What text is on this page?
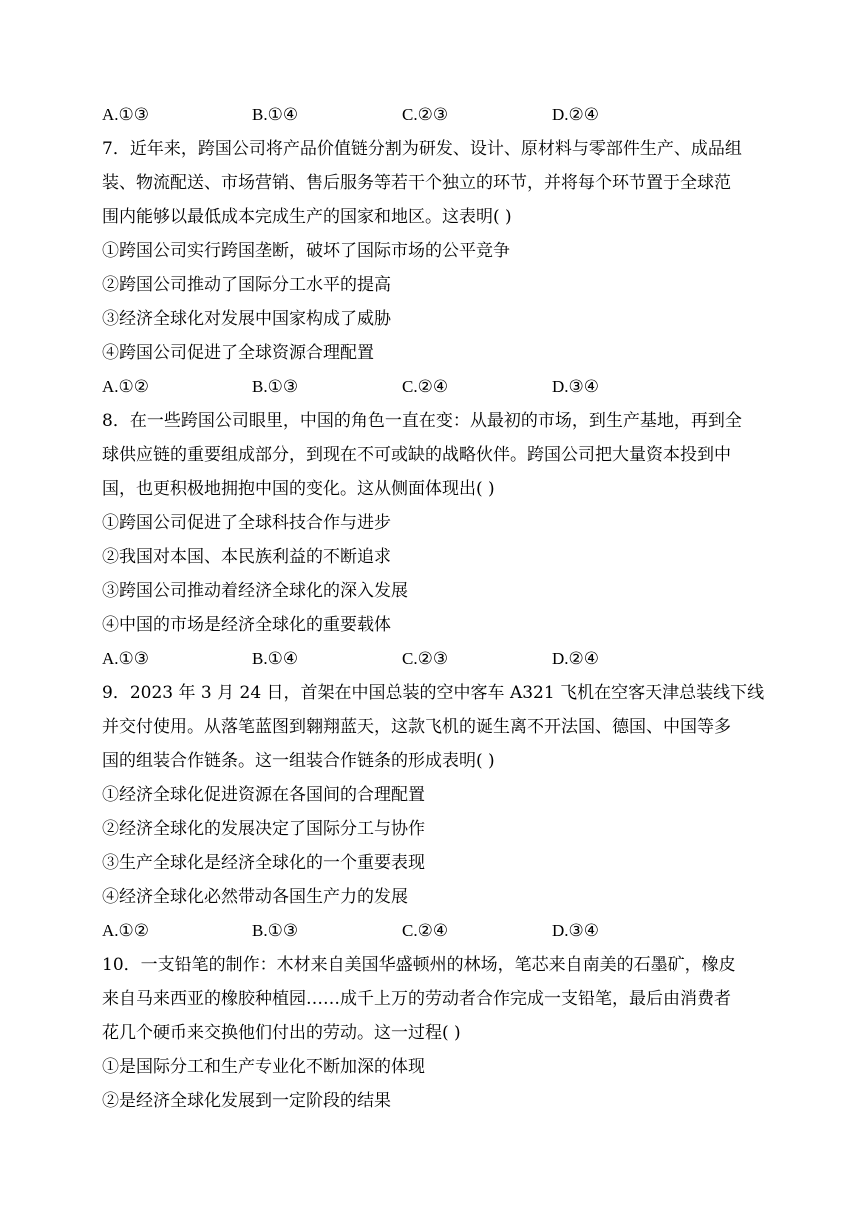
A.①③	B.①④	C.②③	D.②④
7．近年来，跨国公司将产品价值链分割为研发、设计、原材料与零部件生产、成品组
装、物流配送、市场营销、售后服务等若干个独立的环节，并将每个环节置于全球范
围内能够以最低成本完成生产的国家和地区。这表明( )
①跨国公司实行跨国垄断，破坏了国际市场的公平竞争
②跨国公司推动了国际分工水平的提高
③经济全球化对发展中国家构成了威胁
④跨国公司促进了全球资源合理配置
A.①②	B.①③	C.②④	D.③④
8．在一些跨国公司眼里，中国的角色一直在变：从最初的市场，到生产基地，再到全
球供应链的重要组成部分，到现在不可或缺的战略伙伴。跨国公司把大量资本投到中
国，也更积极地拥抱中国的变化。这从侧面体现出( )
①跨国公司促进了全球科技合作与进步
②我国对本国、本民族利益的不断追求
③跨国公司推动着经济全球化的深入发展
④中国的市场是经济全球化的重要载体
A.①③	B.①④	C.②③	D.②④
9．2023 年 3 月 24 日，首架在中国总装的空中客车 A321 飞机在空客天津总装线下线
并交付使用。从落笔蓝图到翱翔蓝天，这款飞机的诞生离不开法国、德国、中国等多
国的组装合作链条。这一组装合作链条的形成表明( )
①经济全球化促进资源在各国间的合理配置
②经济全球化的发展决定了国际分工与协作
③生产全球化是经济全球化的一个重要表现
④经济全球化必然带动各国生产力的发展
A.①②	B.①③	C.②④	D.③④
10．一支铅笔的制作：木材来自美国华盛顿州的林场，笔芯来自南美的石墨矿，橡皮
来自马来西亚的橡胶种植园……成千上万的劳动者合作完成一支铅笔，最后由消费者
花几个硬币来交换他们付出的劳动。这一过程( )
①是国际分工和生产专业化不断加深的体现
②是经济全球化发展到一定阶段的结果
